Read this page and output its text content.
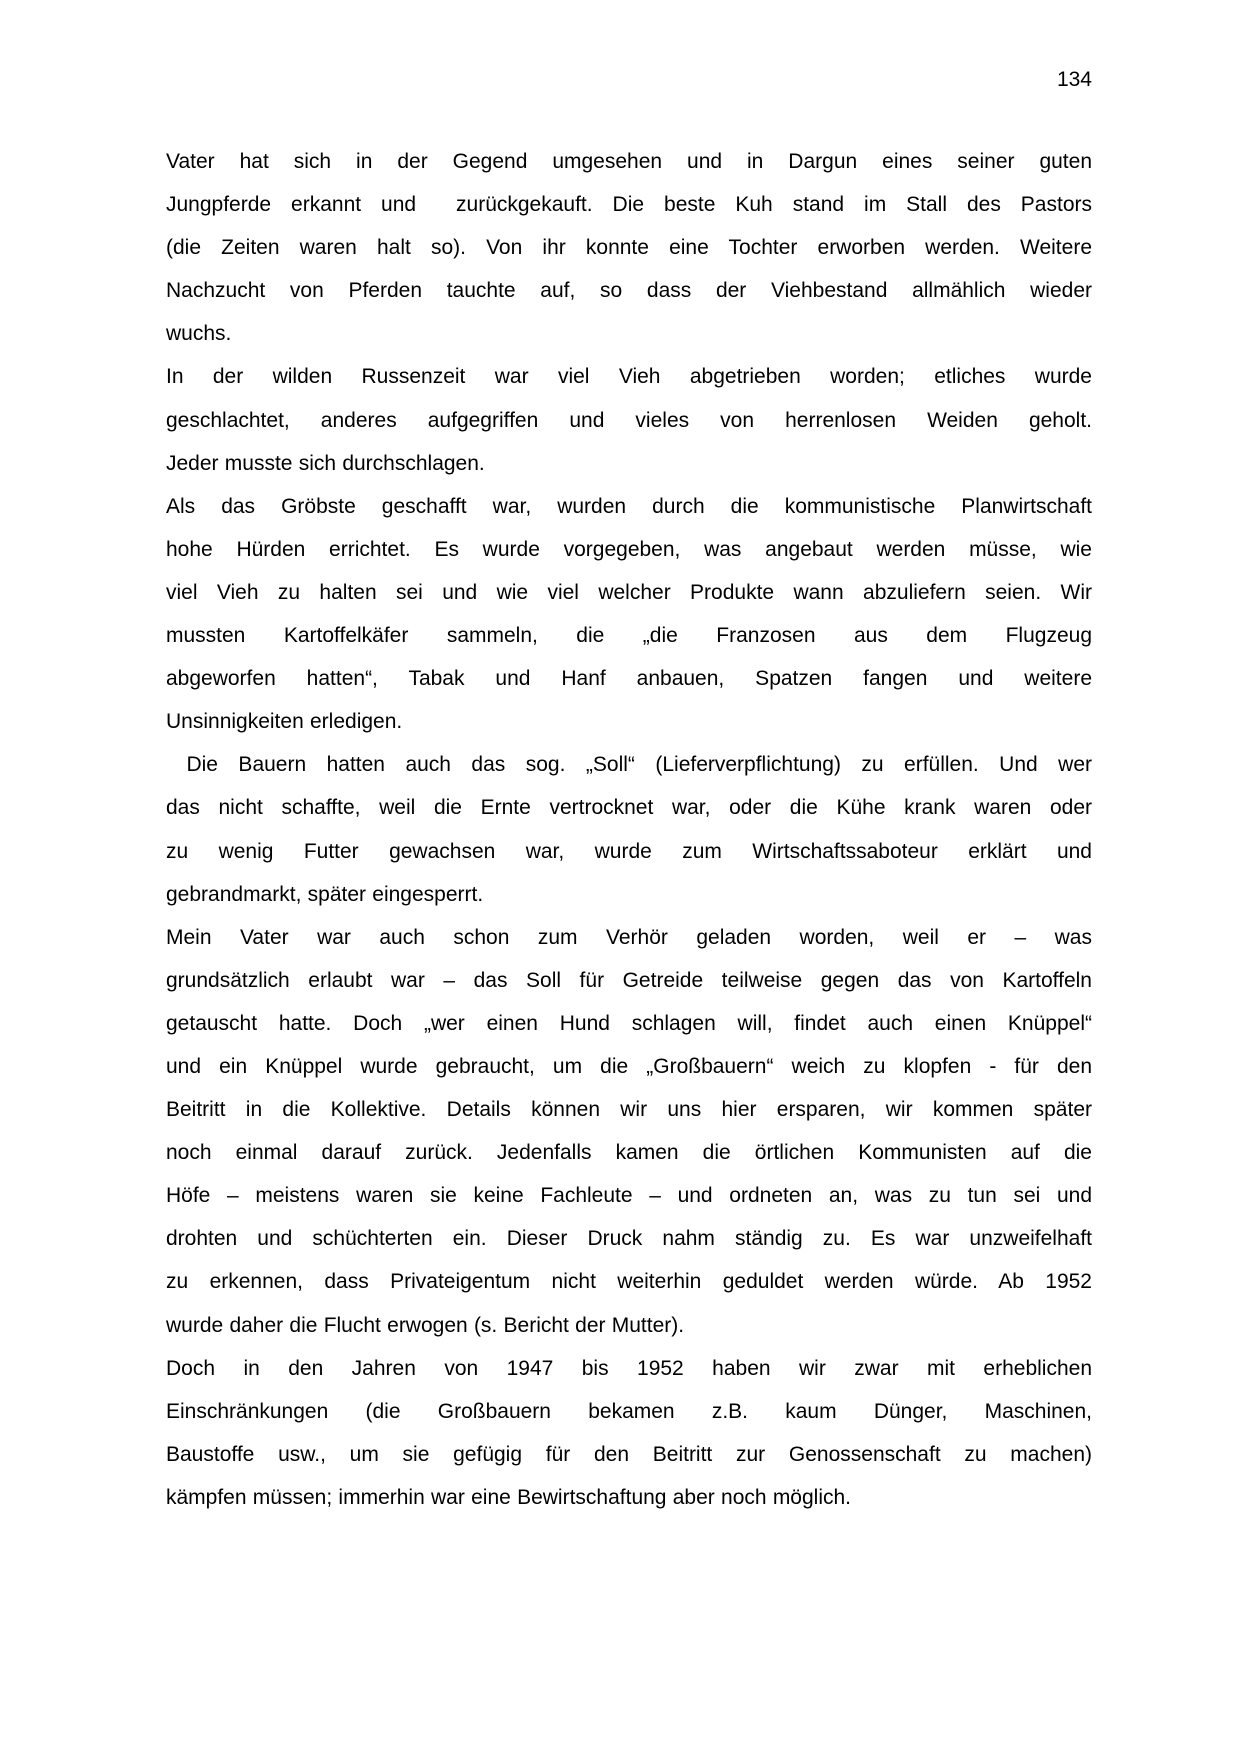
134
Vater hat sich in der Gegend umgesehen und in Dargun eines seiner guten
Jungpferde erkannt und  zurückgekauft. Die beste Kuh stand im Stall des Pastors
(die Zeiten waren halt so). Von ihr konnte eine Tochter erworben werden. Weitere
Nachzucht von Pferden tauchte auf, so dass der Viehbestand allmählich wieder
wuchs.
In der wilden Russenzeit war viel Vieh abgetrieben worden; etliches wurde
geschlachtet, anderes aufgegriffen und vieles von herrenlosen Weiden geholt.
Jeder musste sich durchschlagen.
Als das Gröbste geschafft war, wurden durch die kommunistische Planwirtschaft
hohe Hürden errichtet. Es wurde vorgegeben, was angebaut werden müsse, wie
viel Vieh zu halten sei und wie viel welcher Produkte wann abzuliefern seien. Wir
mussten Kartoffelkäfer sammeln, die „die Franzosen aus dem Flugzeug
abgeworfen hatten“, Tabak und Hanf anbauen, Spatzen fangen und weitere
Unsinnigkeiten erledigen.
Die Bauern hatten auch das sog. „Soll“ (Lieferverpflichtung) zu erfüllen. Und wer
das nicht schaffte, weil die Ernte vertrocknet war, oder die Kühe krank waren oder
zu wenig Futter gewachsen war, wurde zum Wirtschaftssaboteur erklärt und
gebrandmarkt, später eingesperrt.
Mein Vater war auch schon zum Verhör geladen worden, weil er – was
grundsätzlich erlaubt war – das Soll für Getreide teilweise gegen das von Kartoffeln
getauscht hatte. Doch „wer einen Hund schlagen will, findet auch einen Knüppel“
und ein Knüppel wurde gebraucht, um die „Großbauern“ weich zu klopfen - für den
Beitritt in die Kollektive. Details können wir uns hier ersparen, wir kommen später
noch einmal darauf zurück. Jedenfalls kamen die örtlichen Kommunisten auf die
Höfe – meistens waren sie keine Fachleute – und ordneten an, was zu tun sei und
drohten und schüchterten ein. Dieser Druck nahm ständig zu. Es war unzweifelhaft
zu erkennen, dass Privateigentum nicht weiterhin geduldet werden würde. Ab 1952
wurde daher die Flucht erwogen (s. Bericht der Mutter).
Doch in den Jahren von 1947 bis 1952 haben wir zwar mit erheblichen
Einschränkungen (die Großbauern bekamen z.B. kaum Dünger, Maschinen,
Baustoffe usw., um sie gefügig für den Beitritt zur Genossenschaft zu machen)
kämpfen müssen; immerhin war eine Bewirtschaftung aber noch möglich.
